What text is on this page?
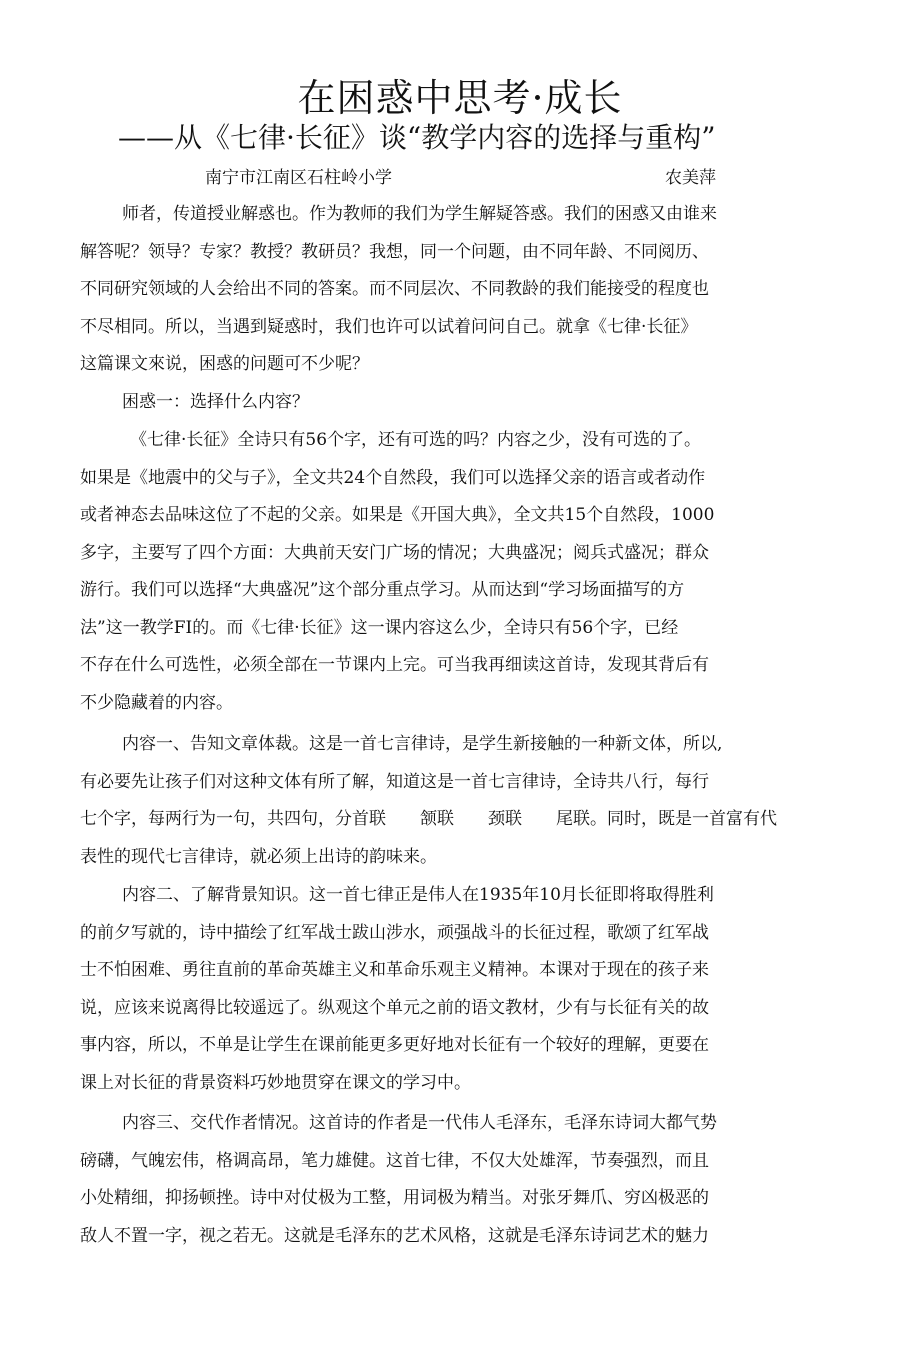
在困惑中思考·成长
——从《七律·长征》谈“教学内容的选择与重构”
南宁市江南区石柱岭小学	农美萍
师者，传道授业解惑也。作为教师的我们为学生解疑答惑。我们的困惑又由谁来
解答呢？领导？专家？教授？教研员？我想，同一个问题，由不同年龄、不同阅历、
不同研究领域的人会给出不同的答案。而不同层次、不同教龄的我们能接受的程度也
不尽相同。所以，当遇到疑惑时，我们也许可以试着问问自己。就拿《七律·长征》
这篇课文來说，困惑的问题可不少呢？
困惑一：选择什么内容？
《七律·长征》全诗只有56个字，还有可选的吗？内容之少，没有可选的了。
如果是《地震中的父与子》，全文共24个自然段，我们可以选择父亲的语言或者动作
或者神态去品味这位了不起的父亲。如果是《开国大典》，全文共15个自然段，1000
多字，主要写了四个方面：大典前天安门广场的情况；大典盛况；阅兵式盛况；群众
游行。我们可以选择“大典盛况”这个部分重点学习。从而达到“学习场面描写的方
法”这一教学FI的。而《七律·长征》这一课内容这么少，全诗只有56个字，已经
不存在什么可选性，必须全部在一节课内上完。可当我再细读这首诗，发现其背后有
不少隐藏着的内容。
内容一、告知文章体裁。这是一首七言律诗，是学生新接触的一种新文体，所以,
有必要先让孩子们对这种文体有所了解，知道这是一首七言律诗，全诗共八行，每行
七个字，每两行为一句，共四句，分首联　　颔联　　颈联　　尾联。同时，既是一首富有代
表性的现代七言律诗，就必须上出诗的韵味来。
内容二、了解背景知识。这一首七律正是伟人在1935年10月长征即将取得胜利
的前夕写就的，诗中描绘了红军战士跋山涉水，顽强战斗的长征过程，歌颂了红军战
士不怕困难、勇往直前的革命英雄主义和革命乐观主义精神。本课对于现在的孩子来
说，应该来说离得比较遥远了。纵观这个单元之前的语文教材，少有与长征有关的故
事内容，所以，不单是让学生在课前能更多更好地对长征有一个较好的理解，更要在
课上对长征的背景资料巧妙地贯穿在课文的学习中。
内容三、交代作者情况。这首诗的作者是一代伟人毛泽东，毛泽东诗词大都气势
磅礴，气魄宏伟，格调高昂，笔力雄健。这首七律，不仅大处雄浑，节奏强烈，而且
小处精细，抑扬顿挫。诗中对仗极为工整，用词极为精当。对张牙舞爪、穷凶极恶的
敌人不置一字，视之若无。这就是毛泽东的艺术风格，这就是毛泽东诗词艺术的魅力
